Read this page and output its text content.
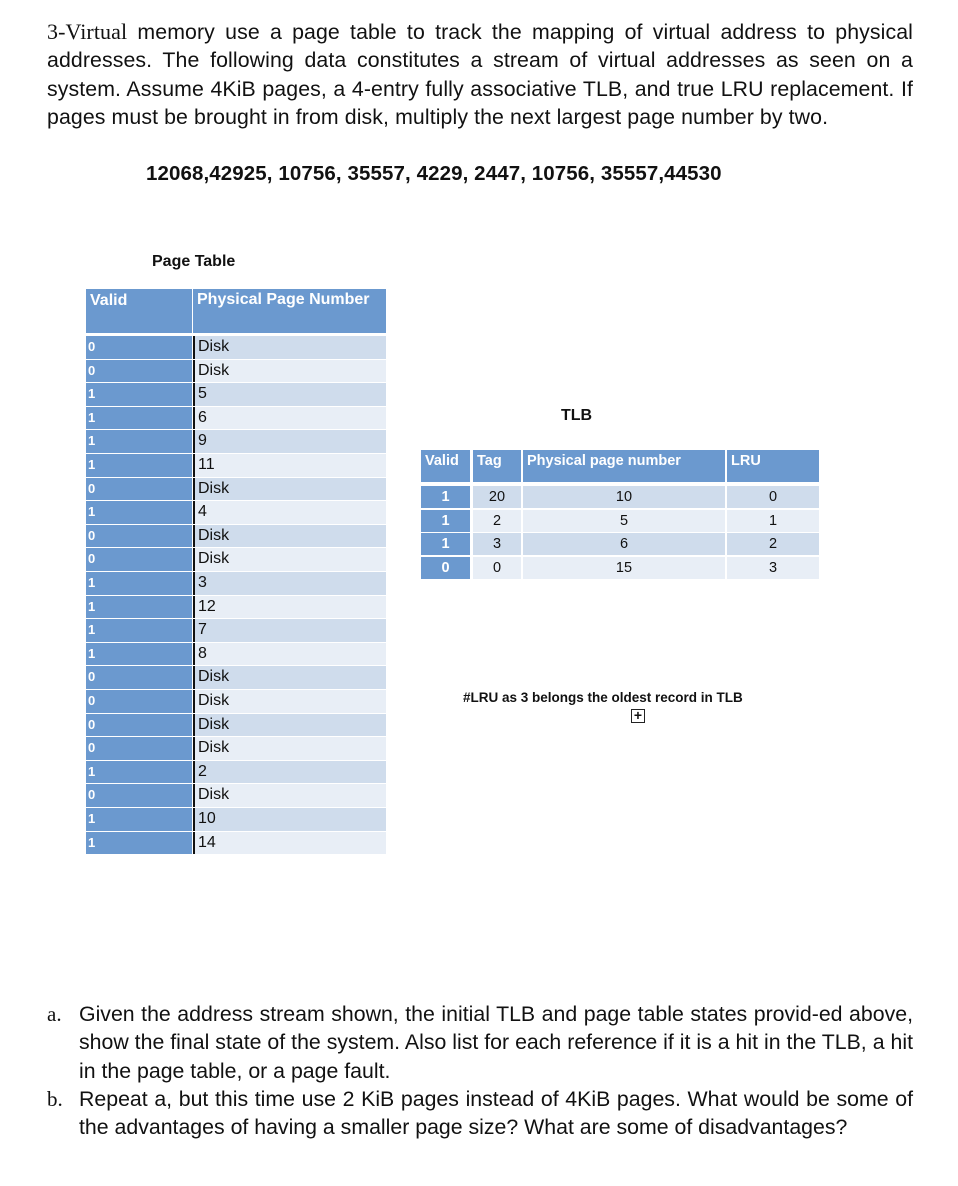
3-Virtual memory use a page table to track the mapping of virtual address to physical addresses. The following data constitutes a stream of virtual addresses as seen on a system. Assume 4KiB pages, a 4-entry fully associative TLB, and true LRU replacement. If pages must be brought in from disk, multiply the next largest page number by two.
12068,42925, 10756, 35557, 4229, 2447, 10756, 35557,44530
Page Table
Valid	Physical Page Number
0	Disk
0	Disk
1	5
1	6
1	9
1	11
0	Disk
1	4
0	Disk
0	Disk
1	3
1	12
1	7
1	8
0	Disk
0	Disk
0	Disk
0	Disk
1	2
0	Disk
1	10
1	14
TLB
Valid	Tag	Physical page number	LRU
1	20	10	0
1	2	5	1
1	3	6	2
0	0	15	3
#LRU as 3 belongs the oldest record in TLB
+
a. Given the address stream shown, the initial TLB and page table states provid-ed above, show the final state of the system. Also list for each reference if it is a hit in the TLB, a hit in the page table, or a page fault.
b. Repeat a, but this time use 2 KiB pages instead of 4KiB pages. What would be some of the advantages of having a smaller page size? What are some of disadvantages?
